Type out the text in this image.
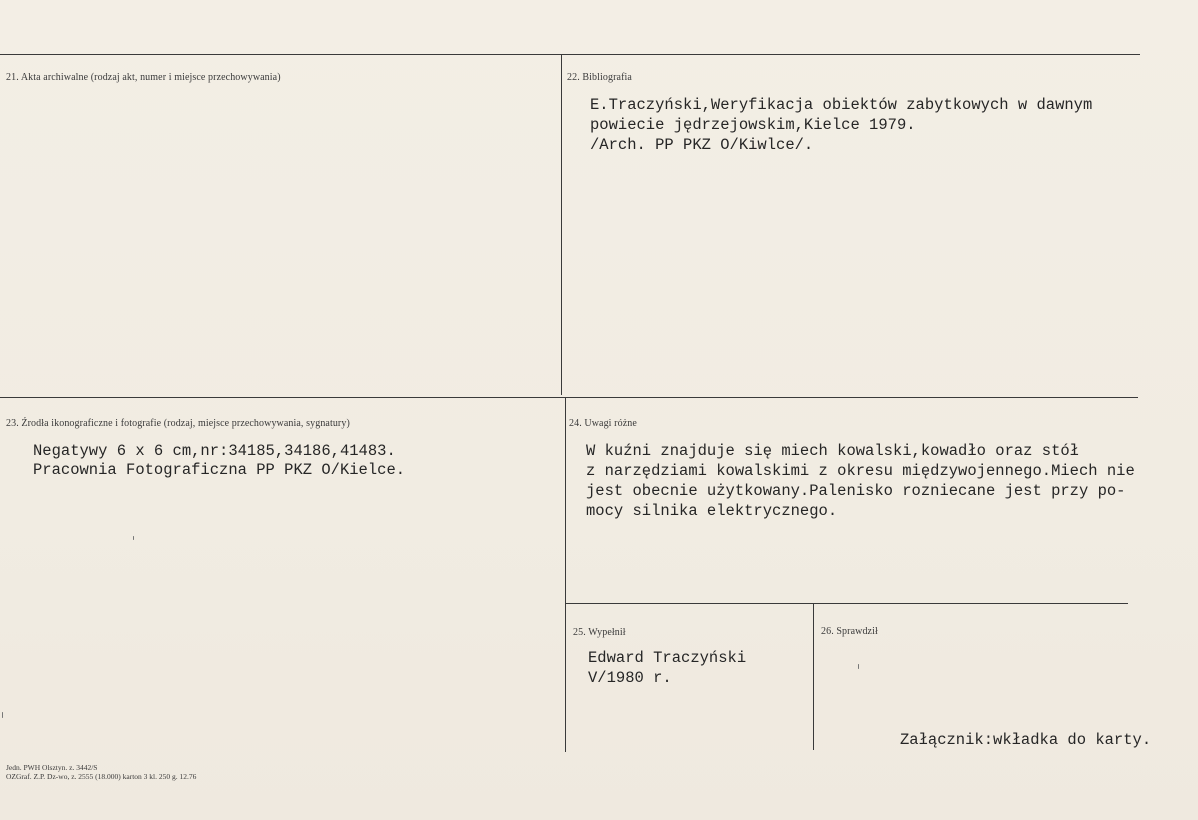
21. Akta archiwalne (rodzaj akt, numer i miejsce przechowywania)	22. Bibliografia
E.Traczyński,Weryfikacja obiektów zabytkowych w dawnym
powiecie jędrzejowskim,Kielce 1979.
/Arch. PP PKZ O/Kiwlce/.
23. Źrodła ikonograficzne i fotografie (rodzaj, miejsce przechowywania, sygnatury)
Negatywy 6 x 6 cm,nr:34185,34186,41483.
Pracownia Fotograficzna PP PKZ O/Kielce.
24. Uwagi różne
W kuźni znajduje się miech kowalski,kowadło oraz stół
z narzędziami kowalskimi z okresu międzywojennego.Miech nie
jest obecnie użytkowany.Palenisko rozniecane jest przy po-
mocy silnika elektrycznego.
25. Wypełnił
Edward Traczyński
V/1980 r.
26. Sprawdził
Załącznik:wkładka do karty.
Jedn. PWH Olsztyn. z. 3442/S
OZGraf. Z.P. Dz-wo, z. 2555 (18.000) karton 3 kl. 250 g. 12.76
